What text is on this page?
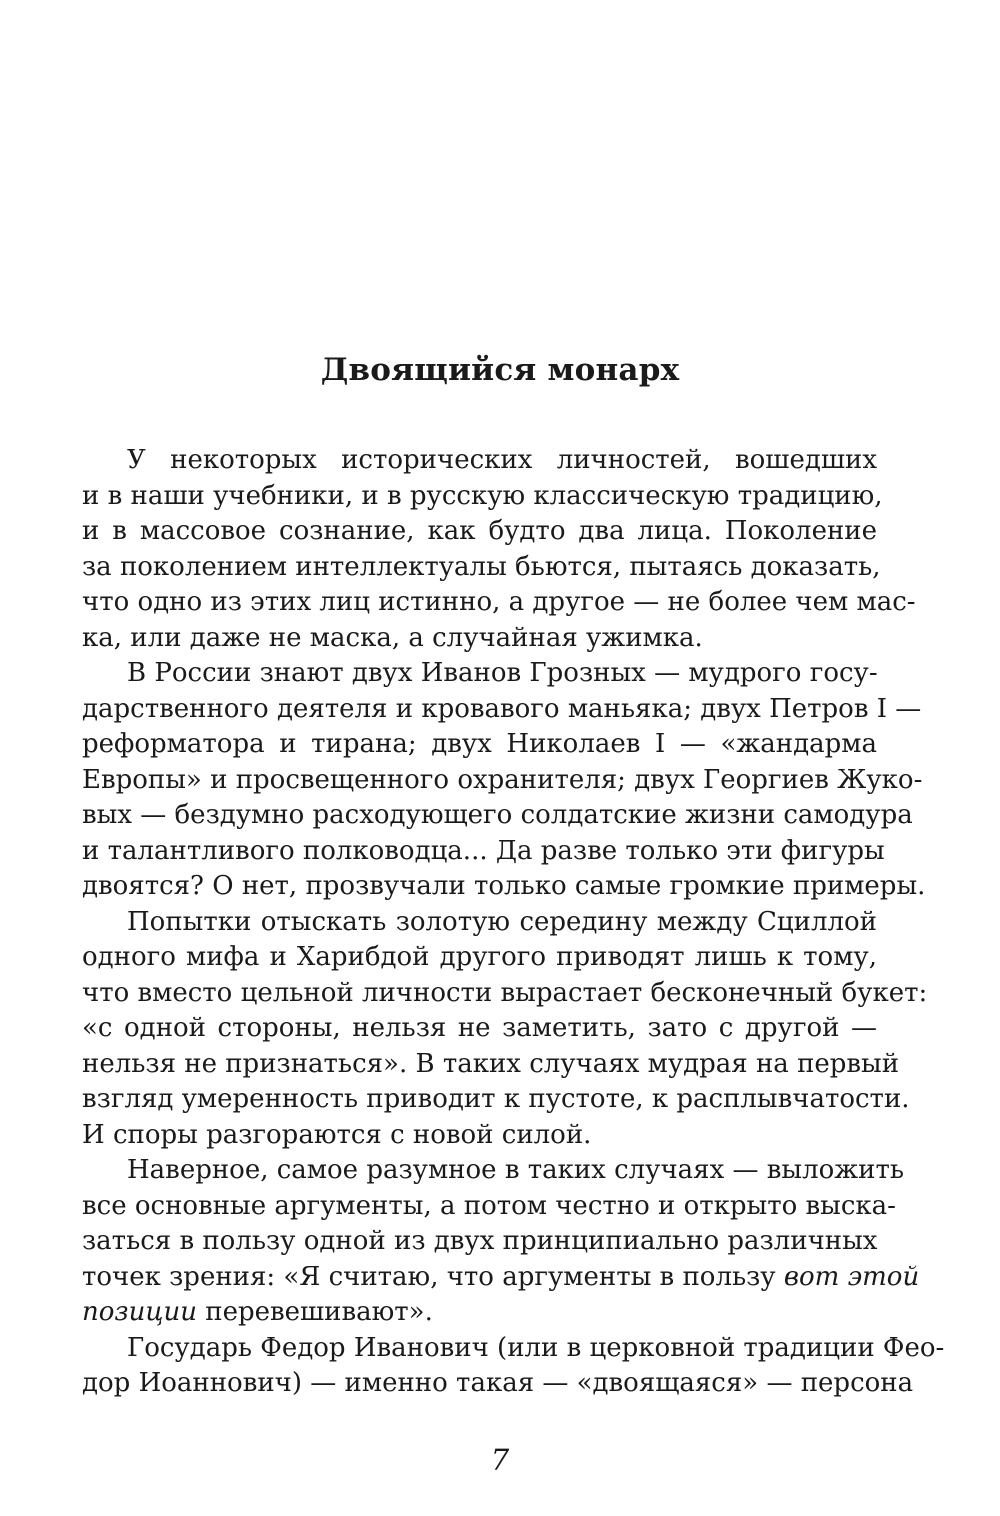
Двоящийся монарх
У некоторых исторических личностей, вошедших
и в наши учебники, и в русскую классическую традицию,
и в массовое сознание, как будто два лица. Поколение
за поколением интеллектуалы бьются, пытаясь доказать,
что одно из этих лиц истинно, а другое — не более чем мас-
ка, или даже не маска, а случайная ужимка.
В России знают двух Иванов Грозных — мудрого госу-
дарственного деятеля и кровавого маньяка; двух Петров I —
реформатора и тирана; двух Николаев I — «жандарма
Европы» и просвещенного охранителя; двух Георгиев Жуко-
вых — бездумно расходующего солдатские жизни самодура
и талантливого полководца... Да разве только эти фигуры
двоятся? О нет, прозвучали только самые громкие примеры.
Попытки отыскать золотую середину между Сциллой
одного мифа и Харибдой другого приводят лишь к тому,
что вместо цельной личности вырастает бесконечный букет:
«с одной стороны, нельзя не заметить, зато с другой —
нельзя не признаться». В таких случаях мудрая на первый
взгляд умеренность приводит к пустоте, к расплывчатости.
И споры разгораются с новой силой.
Наверное, самое разумное в таких случаях — выложить
все основные аргументы, а потом честно и открыто выска-
заться в пользу одной из двух принципиально различных
точек зрения: «Я считаю, что аргументы в пользу вот этой
позиции перевешивают».
Государь Федор Иванович (или в церковной традиции Фео-
дор Иоаннович) — именно такая — «двоящаяся» — персона
7
